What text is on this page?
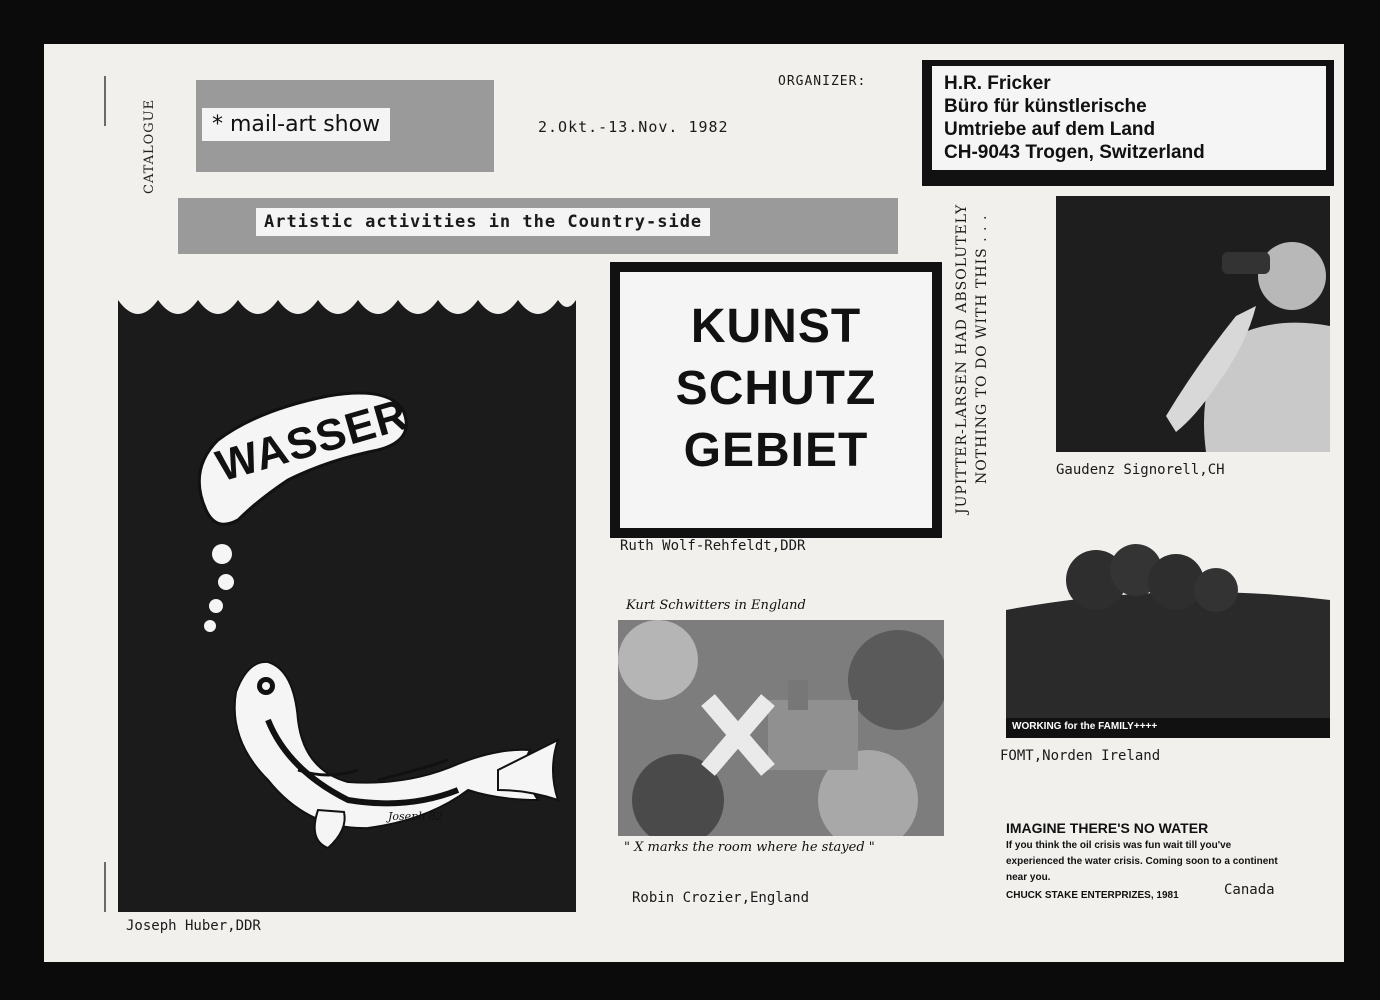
CATALOGUE	* mail-art show	2.Okt.-13.Nov. 1982
ORGANIZER:	H.R. Fricker
Büro für künstlerische
Umtriebe auf dem Land
CH-9043 Trogen, Switzerland
Artistic activities in the Country-side
WASSER
Joseph 82
Joseph Huber,DDR
KUNST
SCHUTZ
GEBIET
Ruth Wolf-Rehfeldt,DDR
JUPITTER-LARSEN HAD ABSOLUTELY NOTHING TO DO WITH THIS . . .	Gaudenz Signorell,CH
Kurt Schwitters in England
" X marks the room where he stayed "
Robin Crozier,England
WORKING for the FAMILY++++
FOMT,Norden Ireland
IMAGINE THERE'S NO WATER
If you think the oil crisis was fun wait till you've
experienced the water crisis. Coming soon to a continent
near you.
CHUCK STAKE ENTERPRIZES, 1981	Canada
